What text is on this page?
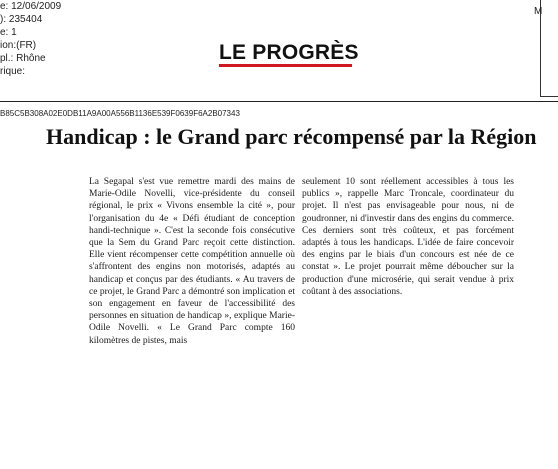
e: 12/06/2009
): 235404
e: 1
ion:(FR)
pl.: Rhône
rique:
M
LE PROGRÈS
B85C5B308A02E0DB11A9A00A556B1136E539F0639F6A2B07343
Handicap : le Grand parc récompensé par la Région
La Segapal s'est vue remettre mardi des mains de Marie-Odile Novelli, vice-présidente du conseil régional, le prix « Vivons ensemble la cité », pour l'organisation du 4e « Défi étudiant de conception handi-technique ». C'est la seconde fois consécutive que la Sem du Grand Parc reçoit cette distinction. Elle vient récompenser cette compétition annuelle où s'affrontent des engins non motorisés, adaptés au handicap et conçus par des étudiants. « Au travers de ce projet, le Grand Parc a démontré son implication et son engagement en faveur de l'accessibilité des personnes en situation de handicap », explique Marie-Odile Novelli. « Le Grand Parc compte 160 kilomètres de pistes, mais
seulement 10 sont réellement accessibles à tous les publics », rappelle Marc Troncale, coordinateur du projet. Il n'est pas envisageable pour nous, ni de goudronner, ni d'investir dans des engins du commerce. Ces derniers sont très coûteux, et pas forcément adaptés à tous les handicaps. L'idée de faire concevoir des engins par le biais d'un concours est née de ce constat ». Le projet pourrait même déboucher sur la production d'une microsérie, qui serait vendue à prix coûtant à des associations.
